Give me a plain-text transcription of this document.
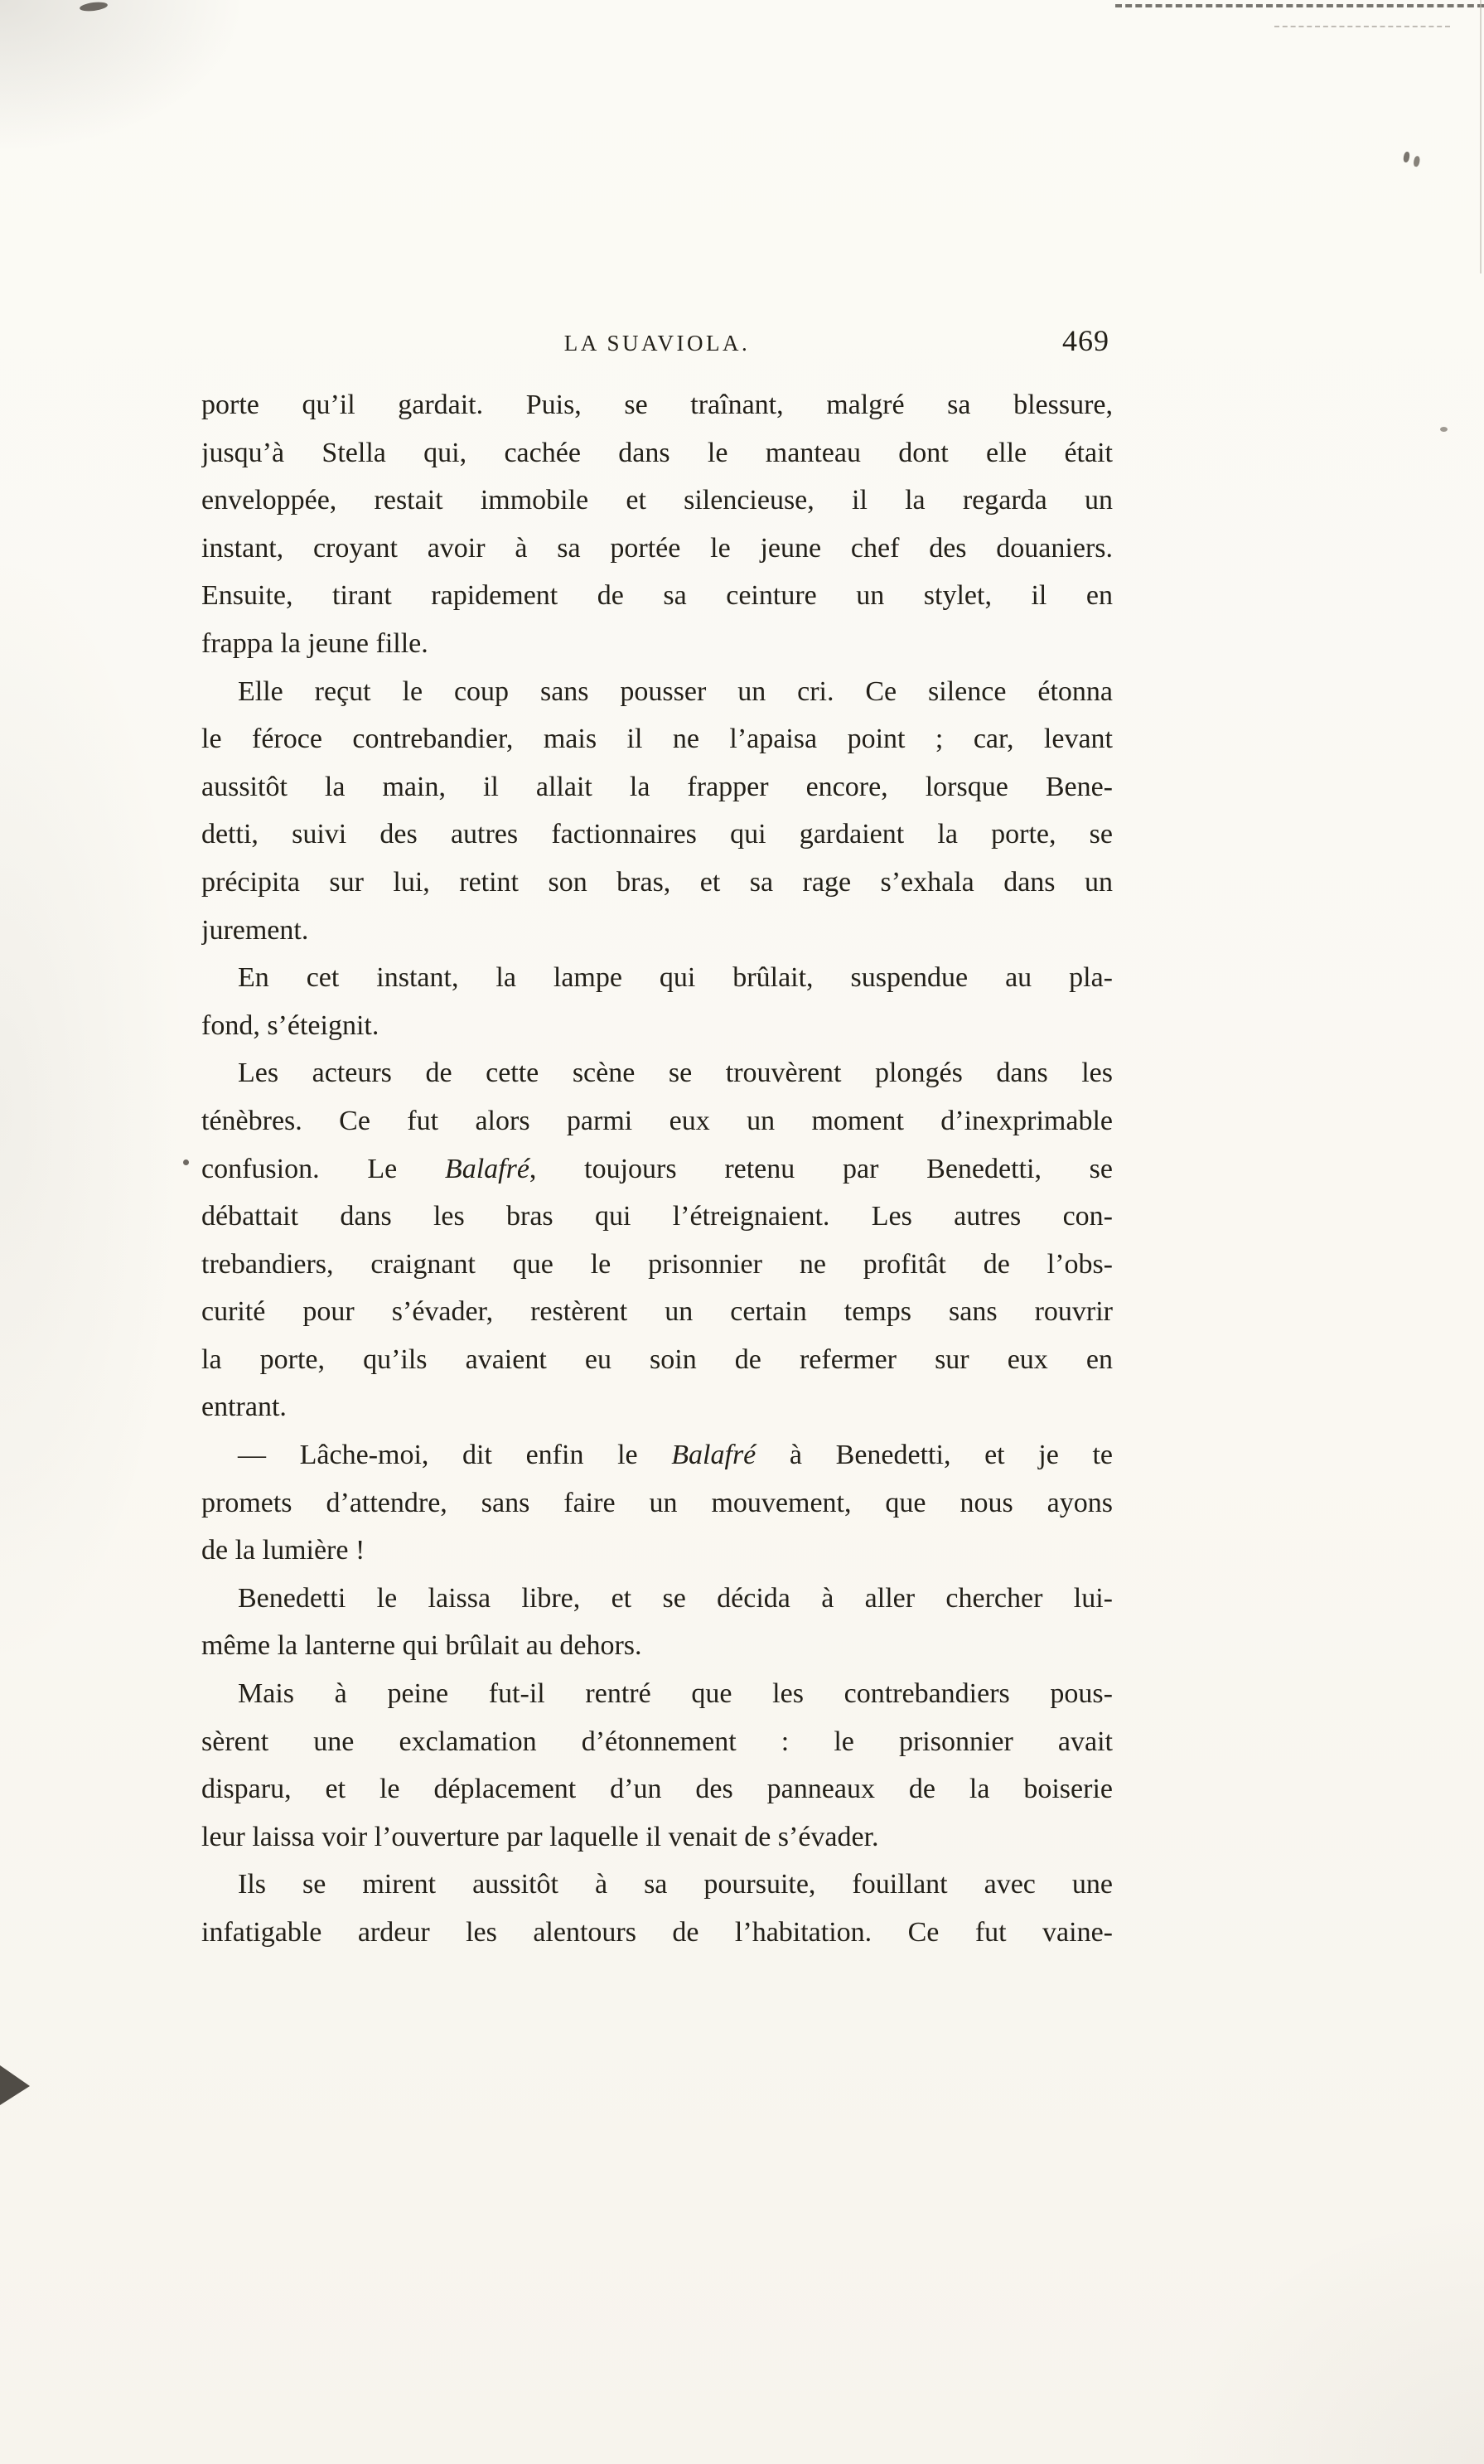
LA SUAVIOLA.	469
porte qu’il gardait. Puis, se traînant, malgré sa blessure,
jusqu’à Stella qui, cachée dans le manteau dont elle était
enveloppée, restait immobile et silencieuse, il la regarda un
instant, croyant avoir à sa portée le jeune chef des douaniers.
Ensuite, tirant rapidement de sa ceinture un stylet, il en
frappa la jeune fille.
Elle reçut le coup sans pousser un cri. Ce silence étonna
le féroce contrebandier, mais il ne l’apaisa point ; car, levant
aussitôt la main, il allait la frapper encore, lorsque Bene-
detti, suivi des autres factionnaires qui gardaient la porte, se
précipita sur lui, retint son bras, et sa rage s’exhala dans un
jurement.
En cet instant, la lampe qui brûlait, suspendue au pla-
fond, s’éteignit.
Les acteurs de cette scène se trouvèrent plongés dans les
ténèbres. Ce fut alors parmi eux un moment d’inexprimable
confusion. Le Balafré, toujours retenu par Benedetti, se
débattait dans les bras qui l’étreignaient. Les autres con-
trebandiers, craignant que le prisonnier ne profitât de l’obs-
curité pour s’évader, restèrent un certain temps sans rouvrir
la porte, qu’ils avaient eu soin de refermer sur eux en
entrant.
— Lâche-moi, dit enfin le Balafré à Benedetti, et je te
promets d’attendre, sans faire un mouvement, que nous ayons
de la lumière !
Benedetti le laissa libre, et se décida à aller chercher lui-
même la lanterne qui brûlait au dehors.
Mais à peine fut-il rentré que les contrebandiers pous-
sèrent une exclamation d’étonnement : le prisonnier avait
disparu, et le déplacement d’un des panneaux de la boiserie
leur laissa voir l’ouverture par laquelle il venait de s’évader.
Ils se mirent aussitôt à sa poursuite, fouillant avec une
infatigable ardeur les alentours de l’habitation. Ce fut vaine-
